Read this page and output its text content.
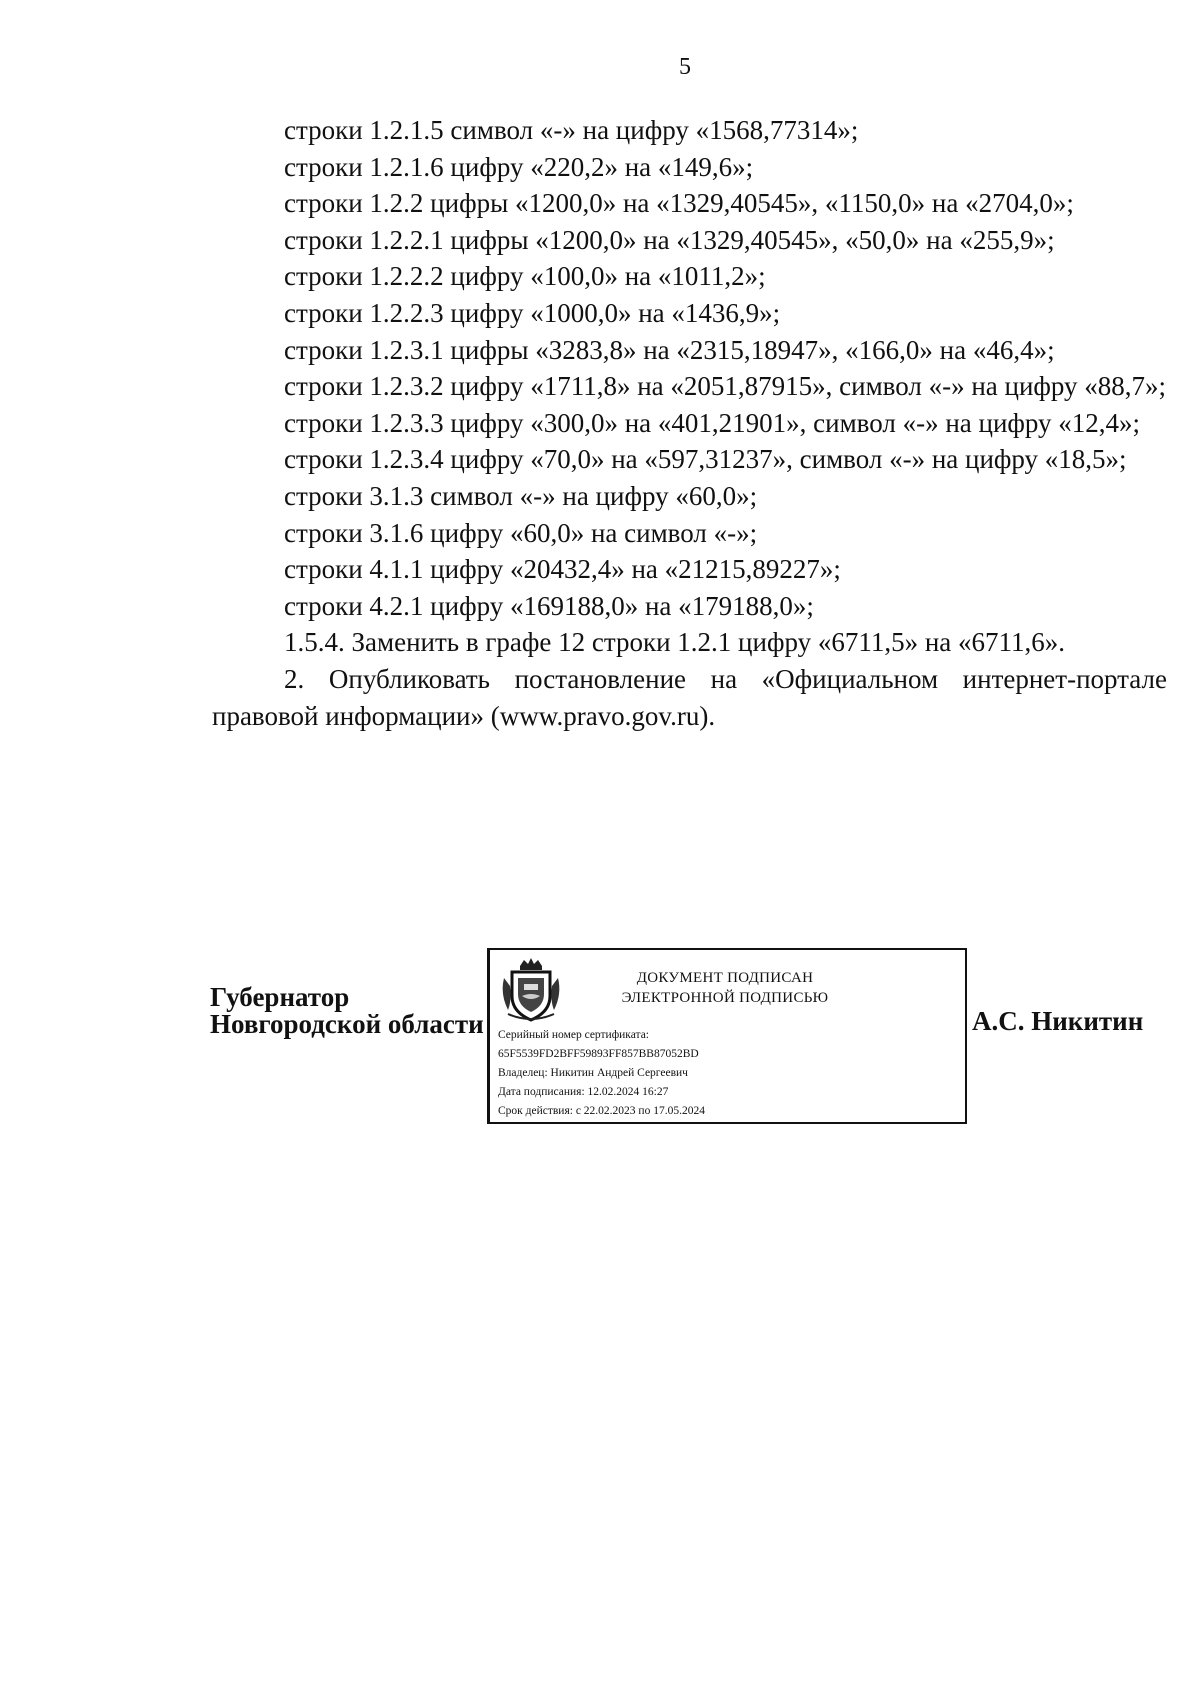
5

строки 1.2.1.5 символ «-» на цифру «1568,77314»;

строки 1.2.1.6 цифру «220,2» на «149,6»;

строки 1.2.2 цифры «1200,0» на «1329,40545», «1150,0» на «2704,0»;

строки 1.2.2.1 цифры «1200,0» на «1329,40545», «50,0» на «255,9»;

строки 1.2.2.2 цифру «100,0» на «1011,2»;

строки 1.2.2.3 цифру «1000,0» на «1436,9»;

строки 1.2.3.1 цифры «3283,8» на «2315,18947», «166,0» на «46,4»;

строки 1.2.3.2 цифру «1711,8» на «2051,87915», символ «-» на цифру «88,7»;

строки 1.2.3.3 цифру «300,0» на «401,21901», символ «-» на цифру «12,4»;

строки 1.2.3.4 цифру «70,0» на «597,31237», символ «-» на цифру «18,5»;

строки 3.1.3 символ «-» на цифру «60,0»;

строки 3.1.6 цифру «60,0» на символ «-»;

строки 4.1.1 цифру «20432,4» на «21215,89227»;

строки 4.2.1 цифру «169188,0» на «179188,0»;

1.5.4. Заменить в графе 12 строки 1.2.1 цифру «6711,5» на «6711,6».

2. Опубликовать постановление на «Официальном интернет-портале правовой информации» (www.pravo.gov.ru).

Губернатор
Новгородской области
ДОКУМЕНТ ПОДПИСАН
ЭЛЕКТРОННОЙ ПОДПИСЬЮ
Серийный номер сертификата:
65F5539FD2BFF59893FF857BB87052BD
Владелец: Никитин Андрей Сергеевич
Дата подписания: 12.02.2024 16:27
Срок действия: с 22.02.2023 по 17.05.2024
А.С. Никитин
